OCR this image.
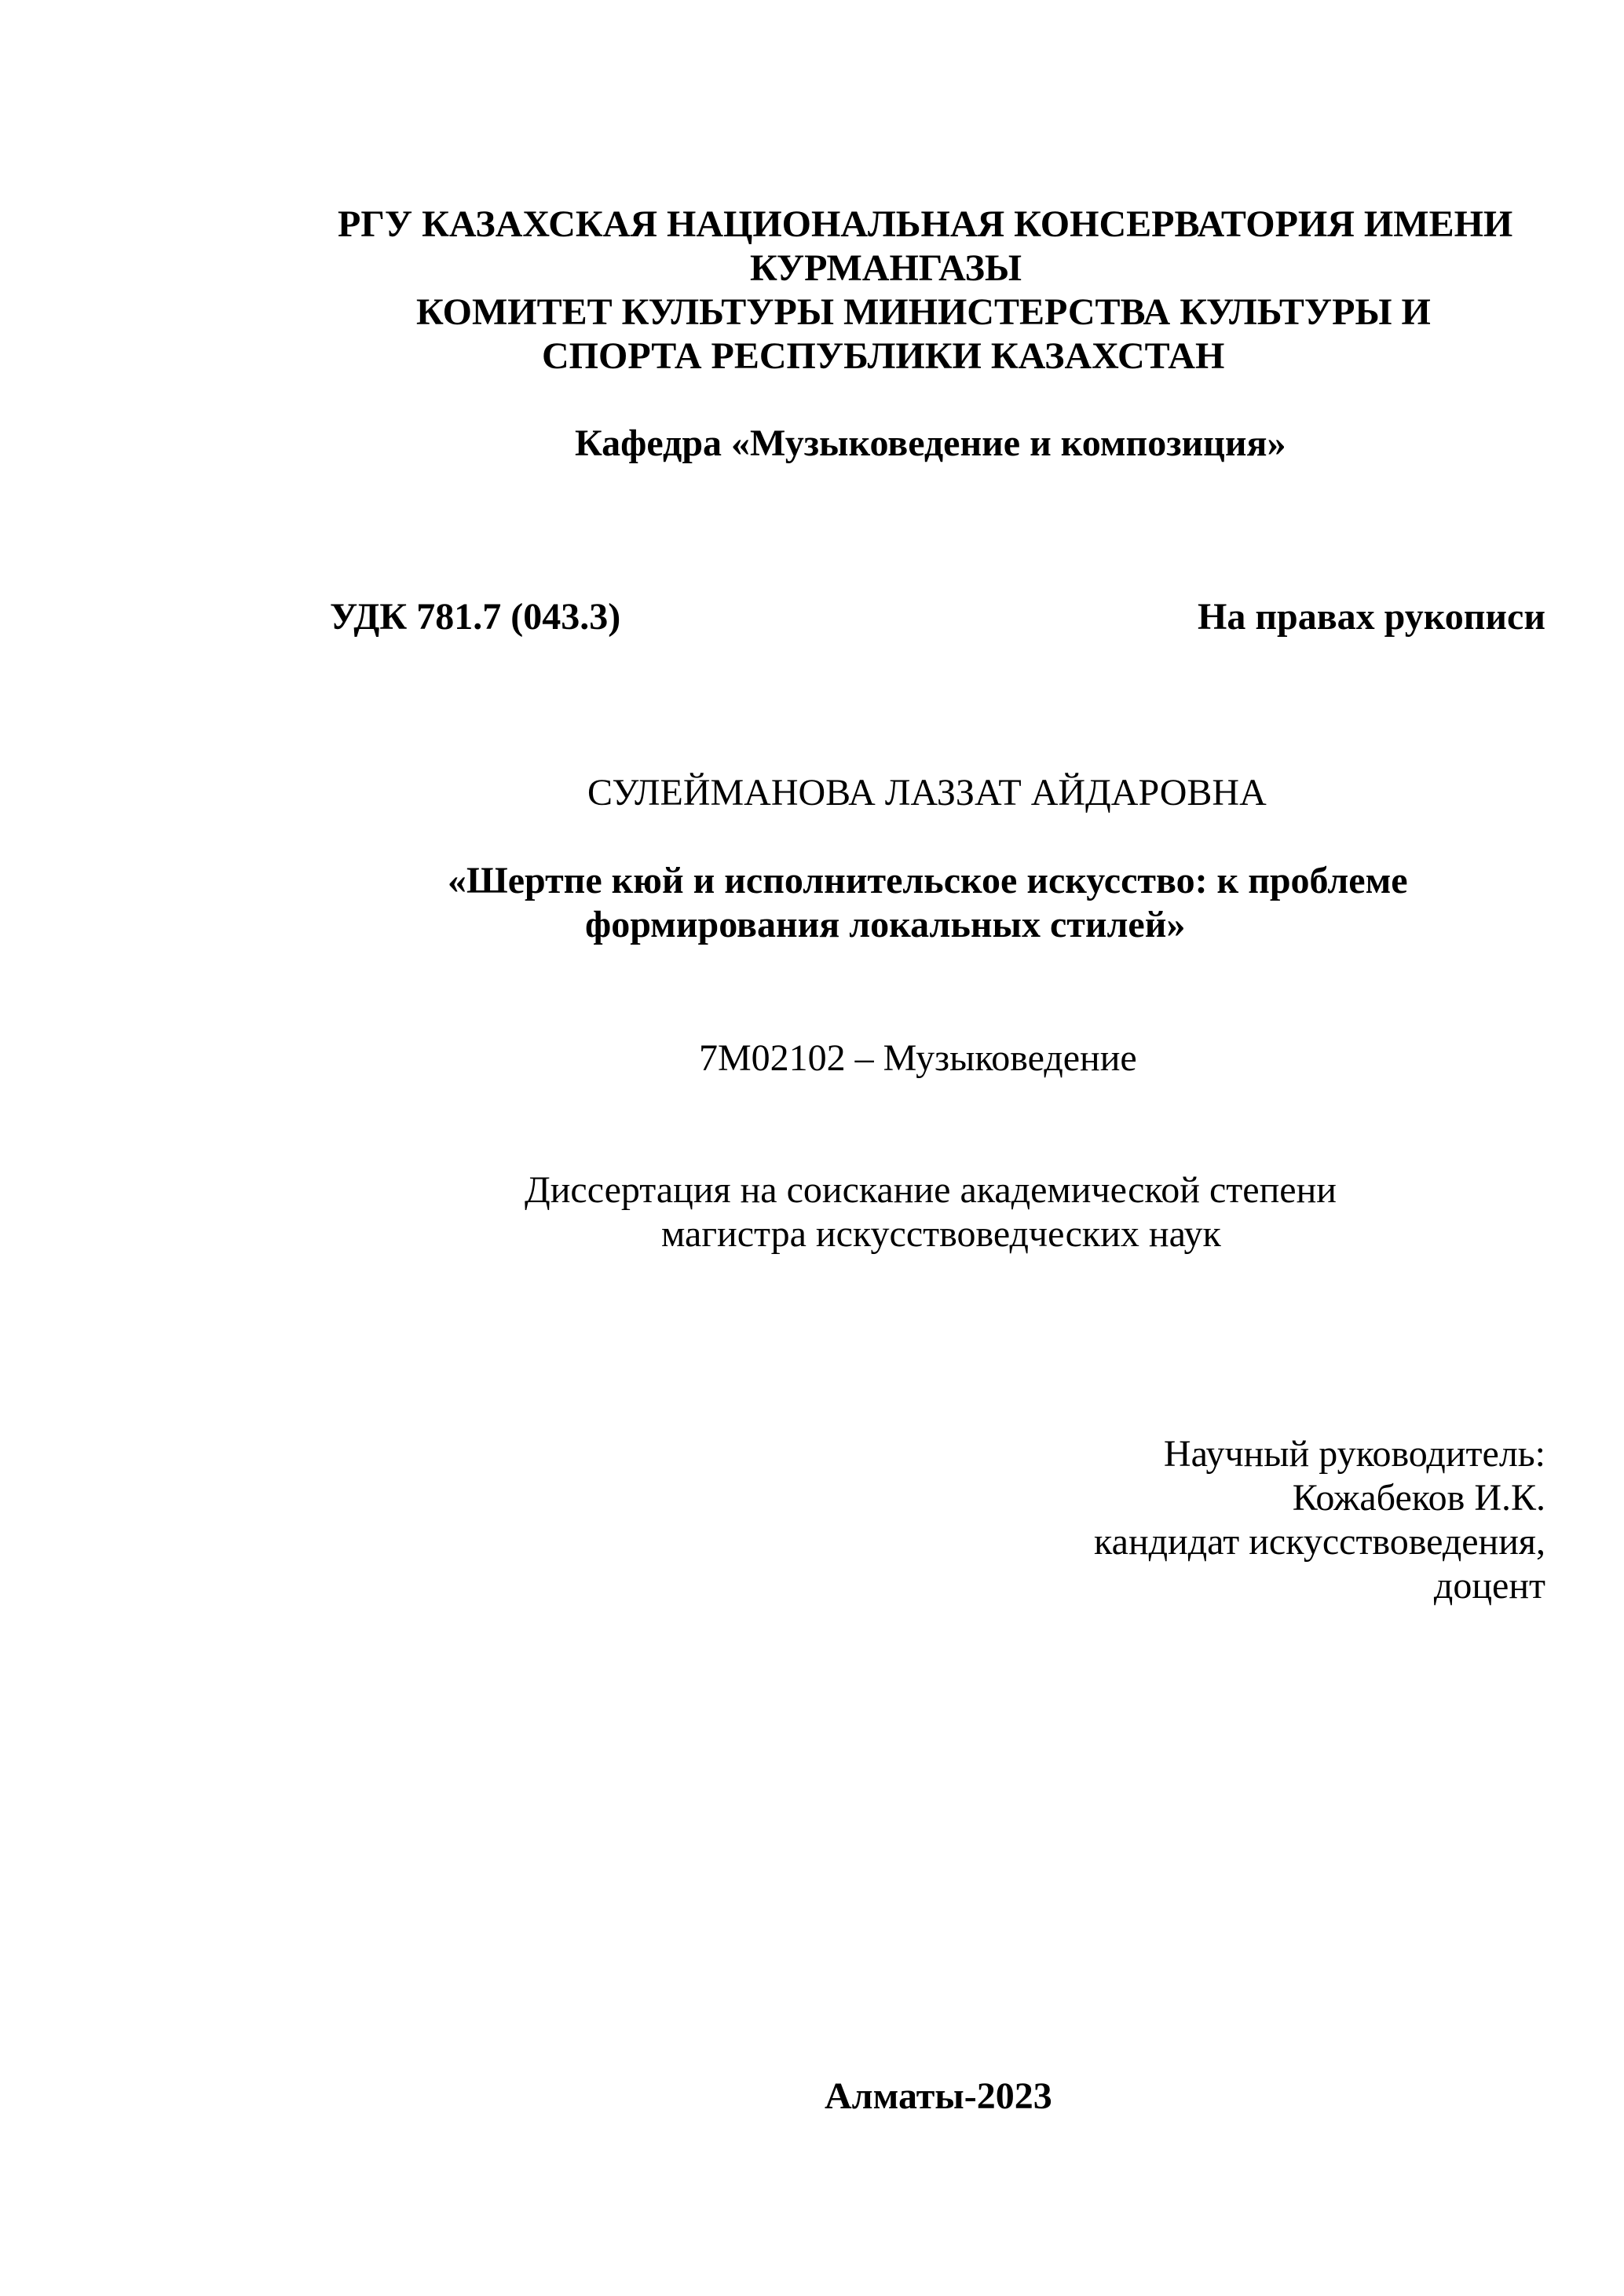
РГУ КАЗАХСКАЯ НАЦИОНАЛЬНАЯ КОНСЕРВАТОРИЯ ИМЕНИ
КУРМАНГАЗЫ
КОМИТЕТ КУЛЬТУРЫ МИНИСТЕРСТВА КУЛЬТУРЫ И
СПОРТА РЕСПУБЛИКИ КАЗАХСТАН
Кафедра «Музыковедение и композиция»
УДК 781.7 (043.3)	На правах рукописи
СУЛЕЙМАНОВА ЛАЗЗАТ АЙДАРОВНА
«Шертпе кюй и исполнительское искусство: к проблеме
формирования локальных стилей»
7М02102 – Музыковедение
Диссертация на соискание академической степени
магистра искусствоведческих наук
Научный руководитель:
Кожабеков И.К.
кандидат искусствоведения,
доцент
Алматы-2023
